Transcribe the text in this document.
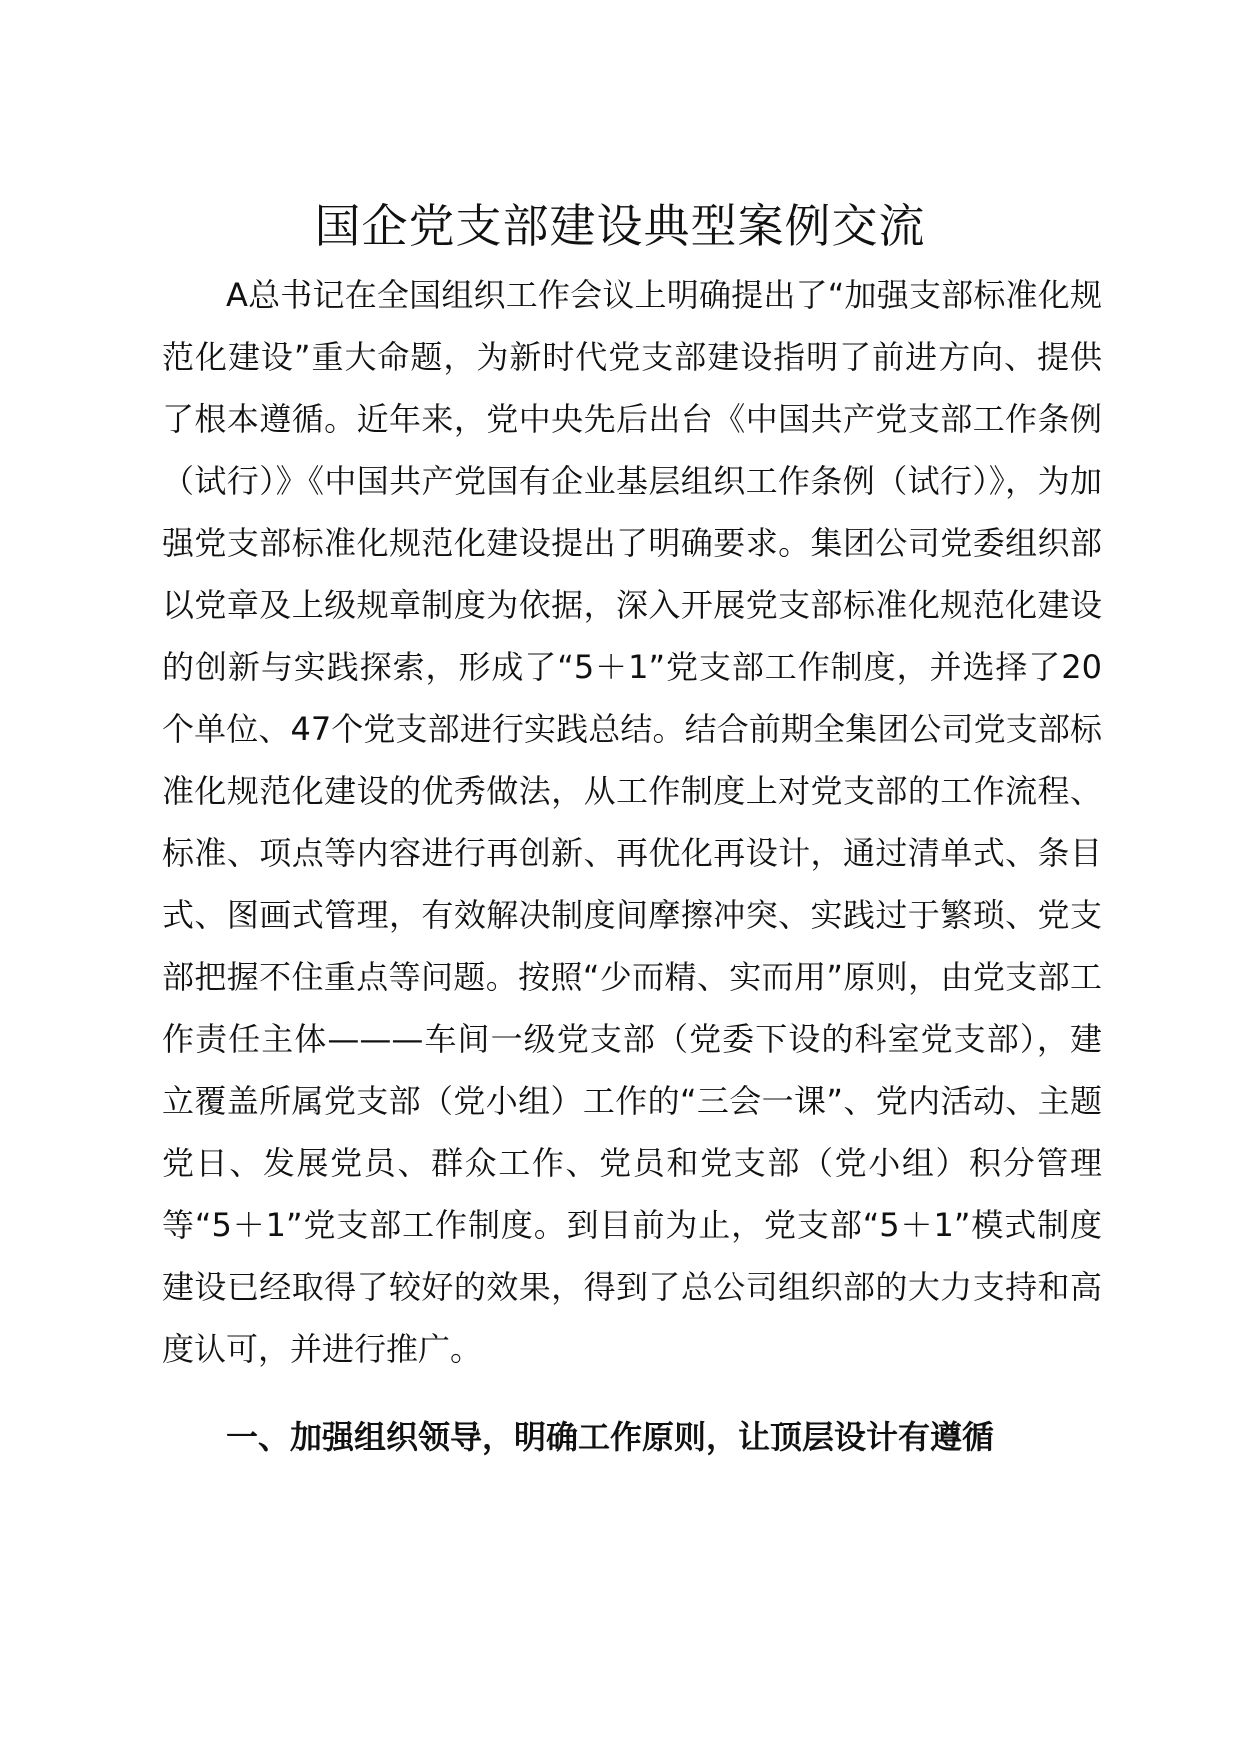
国企党支部建设典型案例交流

A总书记在全国组织工作会议上明确提出了“加强支部标准化规范化建设”重大命题，为新时代党支部建设指明了前进方向、提供了根本遵循。近年来，党中央先后出台《中国共产党支部工作条例（试行）》《中国共产党国有企业基层组织工作条例（试行）》，为加强党支部标准化规范化建设提出了明确要求。集团公司党委组织部以党章及上级规章制度为依据，深入开展党支部标准化规范化建设的创新与实践探索，形成了“5＋1”党支部工作制度，并选择了20个单位、47个党支部进行实践总结。结合前期全集团公司党支部标准化规范化建设的优秀做法，从工作制度上对党支部的工作流程、标准、项点等内容进行再创新、再优化再设计，通过清单式、条目式、图画式管理，有效解决制度间摩擦冲突、实践过于繁琐、党支部把握不住重点等问题。按照“少而精、实而用”原则，由党支部工作责任主体———车间一级党支部（党委下设的科室党支部），建立覆盖所属党支部（党小组）工作的“三会一课”、党内活动、主题党日、发展党员、群众工作、党员和党支部（党小组）积分管理等“5＋1”党支部工作制度。到目前为止，党支部“5＋1”模式制度建设已经取得了较好的效果，得到了总公司组织部的大力支持和高度认可，并进行推广。

一、加强组织领导，明确工作原则，让顶层设计有遵循
